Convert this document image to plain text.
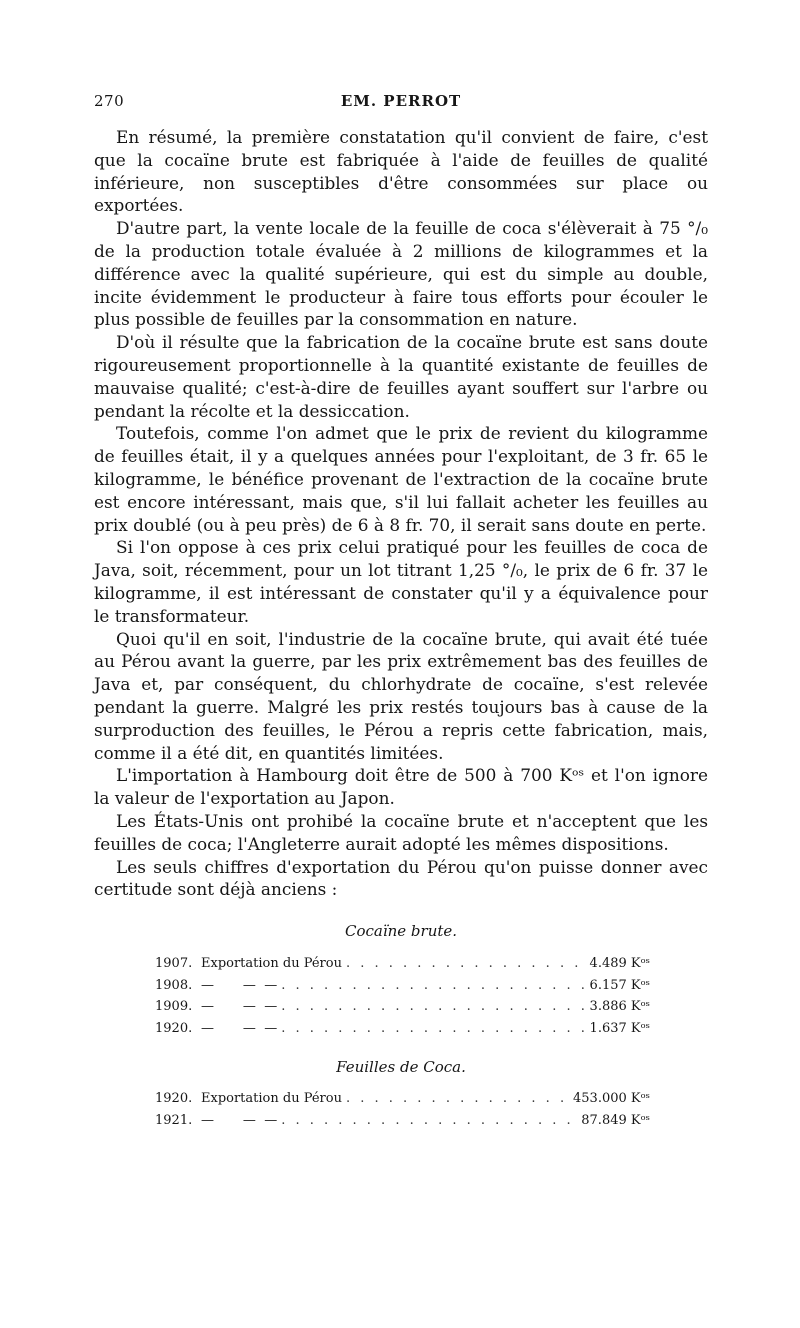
270	EM. PERROT

En résumé, la première constatation qu'il convient de faire, c'est que la cocaïne brute est fabriquée à l'aide de feuilles de qualité inférieure, non susceptibles d'être consommées sur place ou exportées.

D'autre part, la vente locale de la feuille de coca s'élèverait à 75 °/₀ de la production totale évaluée à 2 millions de kilogrammes et la différence avec la qualité supérieure, qui est du simple au double, incite évidemment le producteur à faire tous efforts pour écouler le plus possible de feuilles par la consommation en nature.

D'où il résulte que la fabrication de la cocaïne brute est sans doute rigoureusement proportionnelle à la quantité existante de feuilles de mauvaise qualité; c'est-à-dire de feuilles ayant souffert sur l'arbre ou pendant la récolte et la dessiccation.

Toutefois, comme l'on admet que le prix de revient du kilogramme de feuilles était, il y a quelques années pour l'exploitant, de 3 fr. 65 le kilogramme, le bénéfice provenant de l'extraction de la cocaïne brute est encore intéressant, mais que, s'il lui fallait acheter les feuilles au prix doublé (ou à peu près) de 6 à 8 fr. 70, il serait sans doute en perte.

Si l'on oppose à ces prix celui pratiqué pour les feuilles de coca de Java, soit, récemment, pour un lot titrant 1,25 °/₀, le prix de 6 fr. 37 le kilogramme, il est intéressant de constater qu'il y a équivalence pour le transformateur.

Quoi qu'il en soit, l'industrie de la cocaïne brute, qui avait été tuée au Pérou avant la guerre, par les prix extrêmement bas des feuilles de Java et, par conséquent, du chlorhydrate de cocaïne, s'est relevée pendant la guerre. Malgré les prix restés toujours bas à cause de la surproduction des feuilles, le Pérou a repris cette fabrication, mais, comme il a été dit, en quantités limitées.

L'importation à Hambourg doit être de 500 à 700 Kᵒˢ et l'on ignore la valeur de l'exportation au Japon.

Les États-Unis ont prohibé la cocaïne brute et n'acceptent que les feuilles de coca; l'Angleterre aurait adopté les mêmes dispositions.

Les seuls chiffres d'exportation du Pérou qu'on puisse donner avec certitude sont déjà anciens :

Cocaïne brute.
1907. Exportation du Pérou . . .	4.489 Kᵒˢ
1908. —       —  — . . .	6.157 Kᵒˢ
1909. —       —  — . . .	3.886 Kᵒˢ
1920. —       —  — . . .	1.637 Kᵒˢ
Feuilles de Coca.
1920. Exportation du Pérou . . .	453.000 Kᵒˢ
1921. —       —  — . . .	87.849 Kᵒˢ
